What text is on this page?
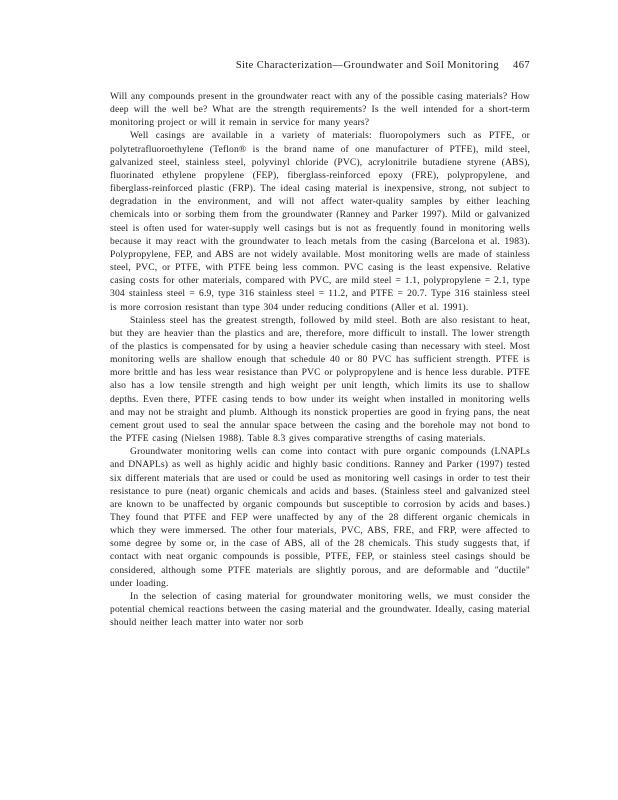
Site Characterization—Groundwater and Soil Monitoring 467

Will any compounds present in the groundwater react with any of the possible casing materials? How deep will the well be? What are the strength requirements? Is the well intended for a short-term monitoring project or will it remain in service for many years?

Well casings are available in a variety of materials: fluoropolymers such as PTFE, or polytetrafluoroethylene (Teflon® is the brand name of one manufacturer of PTFE), mild steel, galvanized steel, stainless steel, polyvinyl chloride (PVC), acrylonitrile butadiene styrene (ABS), fluorinated ethylene propylene (FEP), fiberglass-reinforced epoxy (FRE), polypropylene, and fiberglass-reinforced plastic (FRP). The ideal casing material is inexpensive, strong, not subject to degradation in the environment, and will not affect water-quality samples by either leaching chemicals into or sorbing them from the groundwater (Ranney and Parker 1997). Mild or galvanized steel is often used for water-supply well casings but is not as frequently found in monitoring wells because it may react with the groundwater to leach metals from the casing (Barcelona et al. 1983). Polypropylene, FEP, and ABS are not widely available. Most monitoring wells are made of stainless steel, PVC, or PTFE, with PTFE being less common. PVC casing is the least expensive. Relative casing costs for other materials, compared with PVC, are mild steel = 1.1, polypropylene = 2.1, type 304 stainless steel = 6.9, type 316 stainless steel = 11.2, and PTFE = 20.7. Type 316 stainless steel is more corrosion resistant than type 304 under reducing conditions (Aller et al. 1991).

Stainless steel has the greatest strength, followed by mild steel. Both are also resistant to heat, but they are heavier than the plastics and are, therefore, more difficult to install. The lower strength of the plastics is compensated for by using a heavier schedule casing than necessary with steel. Most monitoring wells are shallow enough that schedule 40 or 80 PVC has sufficient strength. PTFE is more brittle and has less wear resistance than PVC or polypropylene and is hence less durable. PTFE also has a low tensile strength and high weight per unit length, which limits its use to shallow depths. Even there, PTFE casing tends to bow under its weight when installed in monitoring wells and may not be straight and plumb. Although its nonstick properties are good in frying pans, the neat cement grout used to seal the annular space between the casing and the borehole may not bond to the PTFE casing (Nielsen 1988). Table 8.3 gives comparative strengths of casing materials.

Groundwater monitoring wells can come into contact with pure organic compounds (LNAPLs and DNAPLs) as well as highly acidic and highly basic conditions. Ranney and Parker (1997) tested six different materials that are used or could be used as monitoring well casings in order to test their resistance to pure (neat) organic chemicals and acids and bases. (Stainless steel and galvanized steel are known to be unaffected by organic compounds but susceptible to corrosion by acids and bases.) They found that PTFE and FEP were unaffected by any of the 28 different organic chemicals in which they were immersed. The other four materials, PVC, ABS, FRE, and FRP, were affected to some degree by some or, in the case of ABS, all of the 28 chemicals. This study suggests that, if contact with neat organic compounds is possible, PTFE, FEP, or stainless steel casings should be considered, although some PTFE materials are slightly porous, and are deformable and "ductile" under loading.

In the selection of casing material for groundwater monitoring wells, we must consider the potential chemical reactions between the casing material and the groundwater. Ideally, casing material should neither leach matter into water nor sorb
